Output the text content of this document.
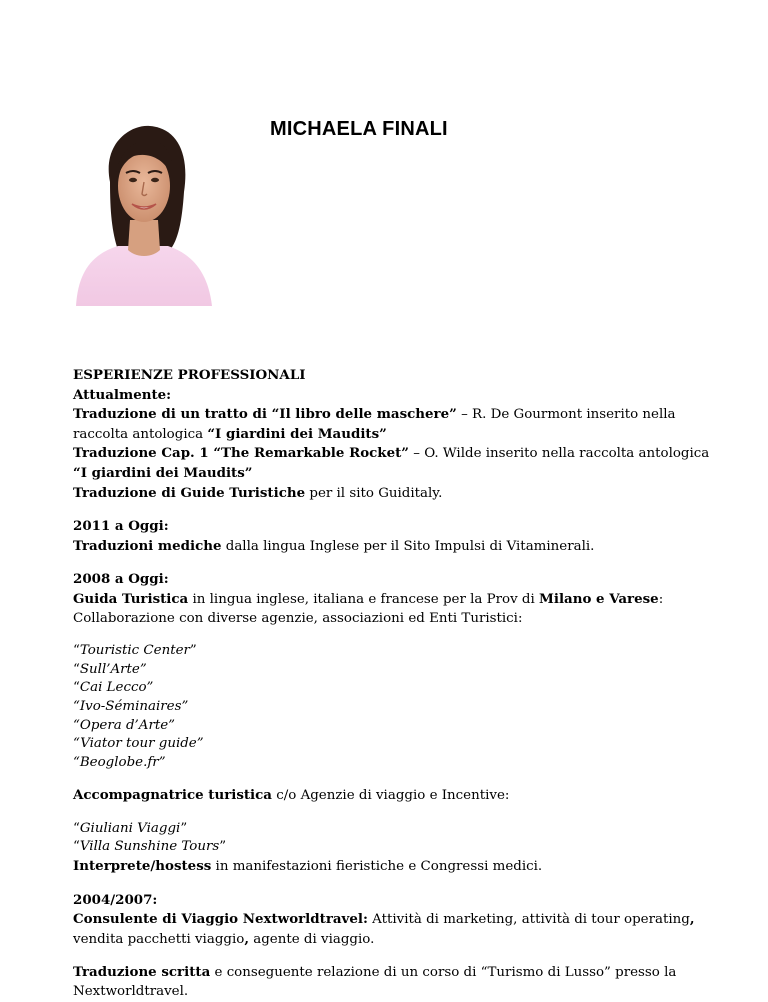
MICHAELA FINALI

ESPERIENZE PROFESSIONALI

Attualmente:

Traduzione di un tratto di “Il libro delle maschere” – R. De Gourmont inserito nella raccolta antologica “I giardini dei Maudits”

Traduzione Cap. 1 “The Remarkable Rocket” – O. Wilde inserito nella raccolta antologica “I giardini dei Maudits”

Traduzione di Guide Turistiche per il sito Guiditaly.

2011 a Oggi:

Traduzioni mediche dalla lingua Inglese per il Sito Impulsi di Vitaminerali.

2008 a Oggi:

Guida Turistica in lingua inglese, italiana e francese per la Prov di Milano e Varese:

Collaborazione con diverse agenzie, associazioni ed Enti Turistici:

“Touristic Center”

“Sull’Arte”

“Cai Lecco”

“Ivo-Séminaires”

“Opera d’Arte”

“Viator tour guide”

“Beoglobe.fr”

Accompagnatrice turistica c/o Agenzie di viaggio e Incentive:

“Giuliani Viaggi”

“Villa Sunshine Tours”

Interprete/hostess in manifestazioni fieristiche e Congressi medici.

2004/2007:

Consulente di Viaggio Nextworldtravel: Attività di marketing, attività di tour operating, vendita pacchetti viaggio, agente di viaggio.

Traduzione scritta e conseguente relazione di un corso di “Turismo di Lusso” presso la Nextworldtravel.
